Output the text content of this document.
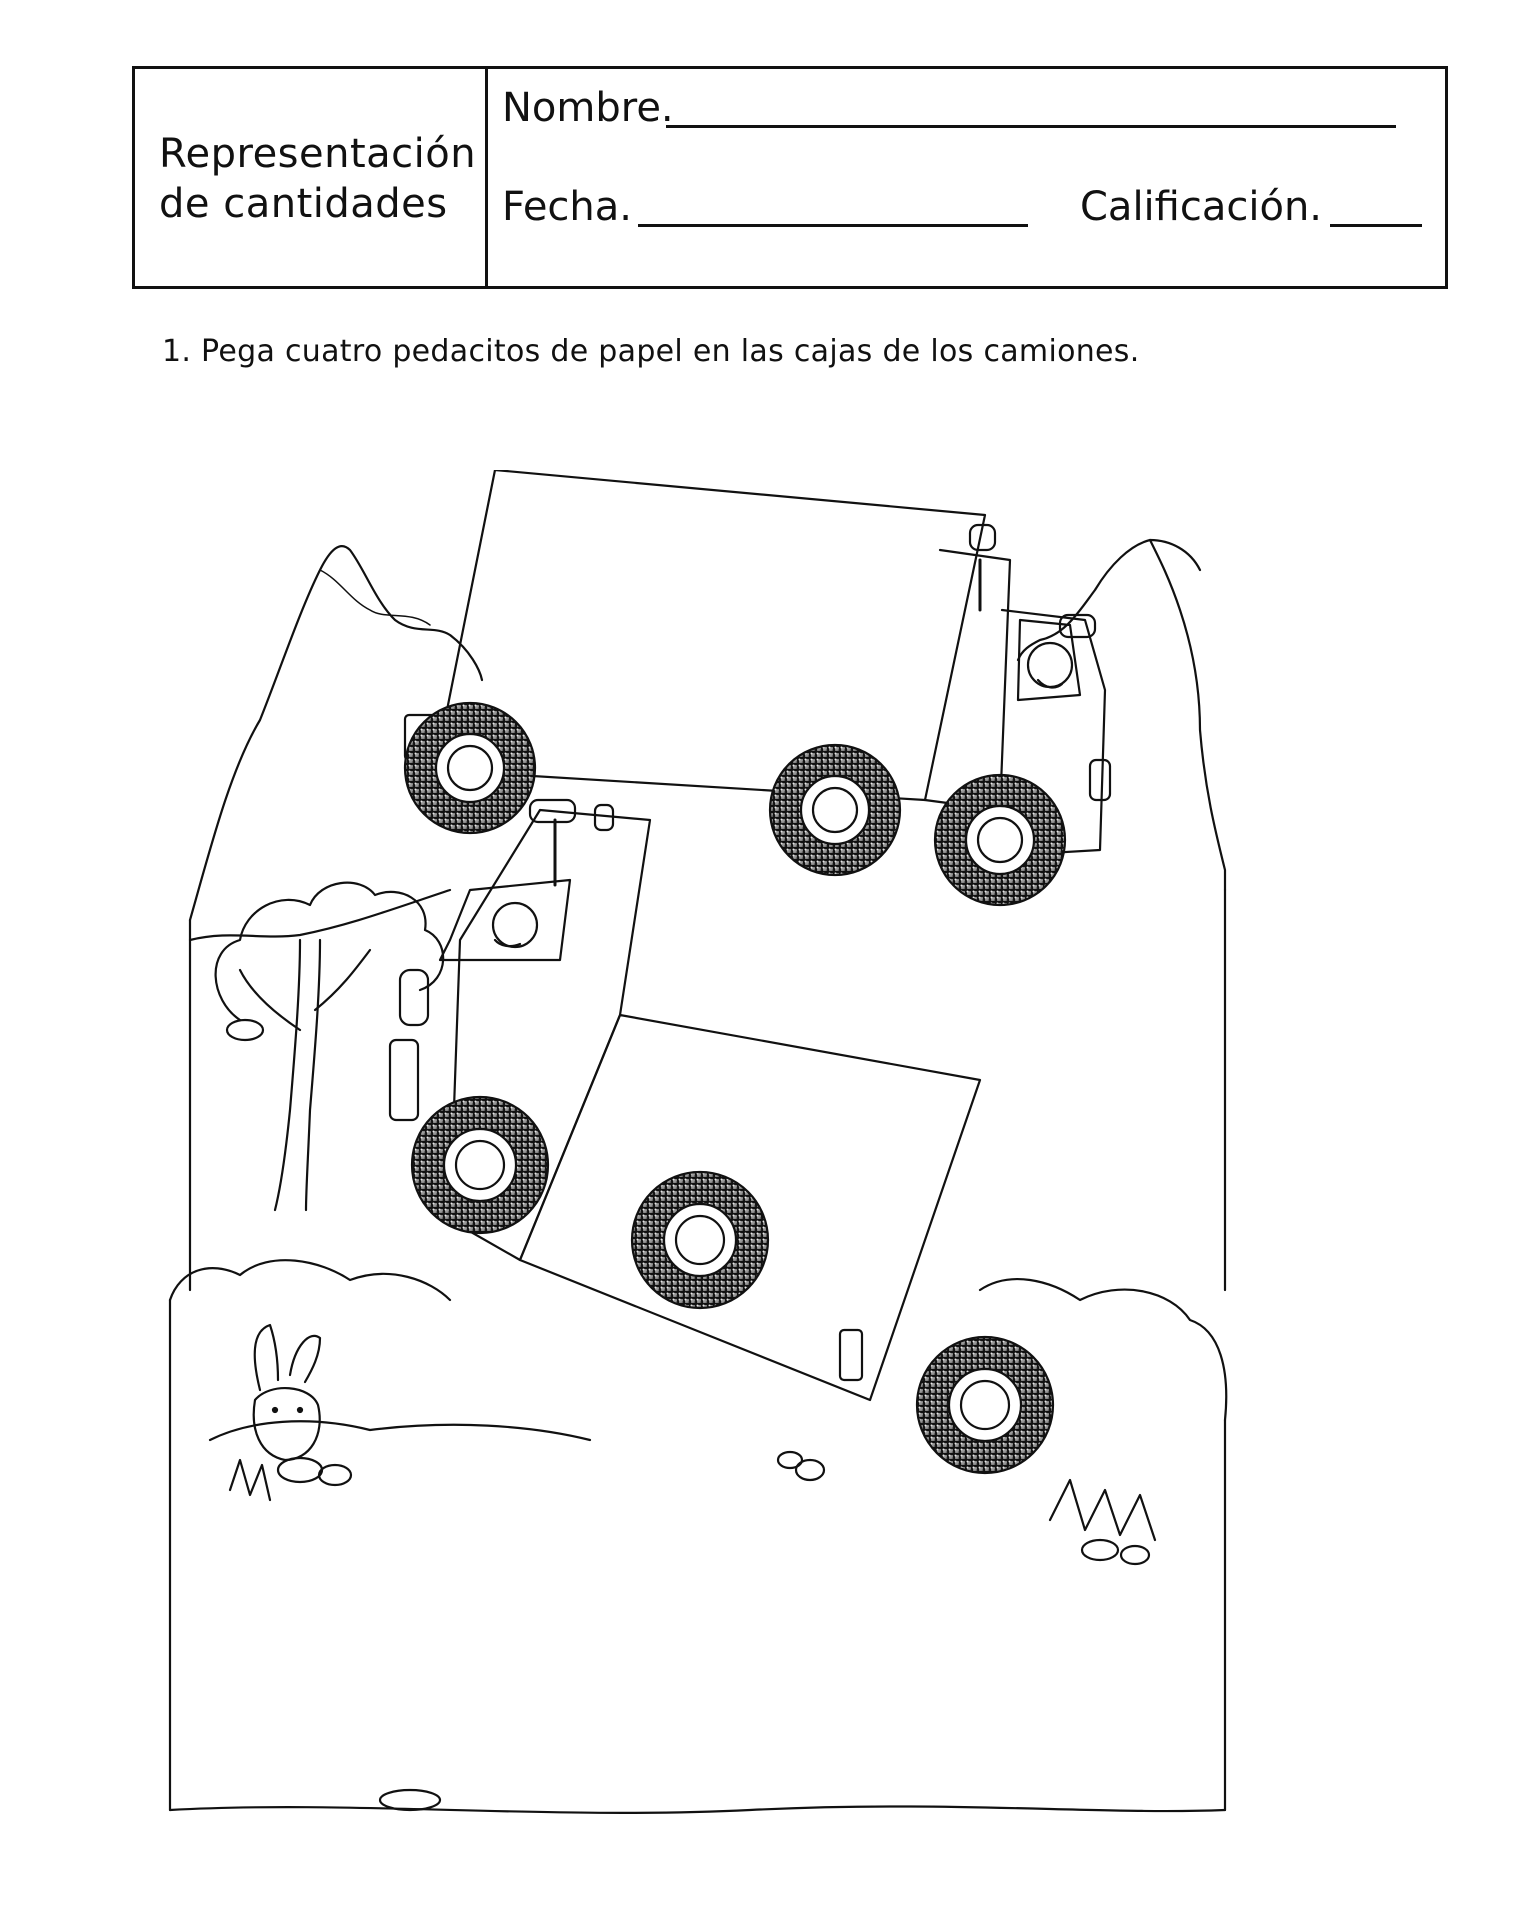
Representación
de cantidades
Nombre.
Fecha.	Calificación.
1. Pega cuatro pedacitos de papel en las cajas de los camiones.
